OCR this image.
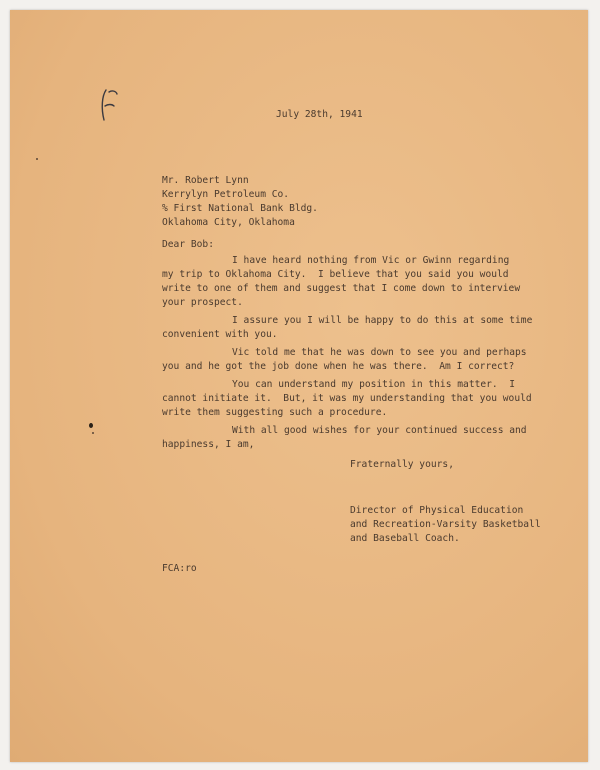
July 28th, 1941
Mr. Robert Lynn
Kerrylyn Petroleum Co.
% First National Bank Bldg.
Oklahoma City, Oklahoma
Dear Bob:
I have heard nothing from Vic or Gwinn regarding
my trip to Oklahoma City.  I believe that you said you would
write to one of them and suggest that I come down to interview
your prospect.
I assure you I will be happy to do this at some time
convenient with you.
Vic told me that he was down to see you and perhaps
you and he got the job done when he was there.  Am I correct?
You can understand my position in this matter.  I
cannot initiate it.  But, it was my understanding that you would
write them suggesting such a procedure.
With all good wishes for your continued success and
happiness, I am,
Fraternally yours,
Director of Physical Education
and Recreation-Varsity Basketball
and Baseball Coach.
FCA:ro
